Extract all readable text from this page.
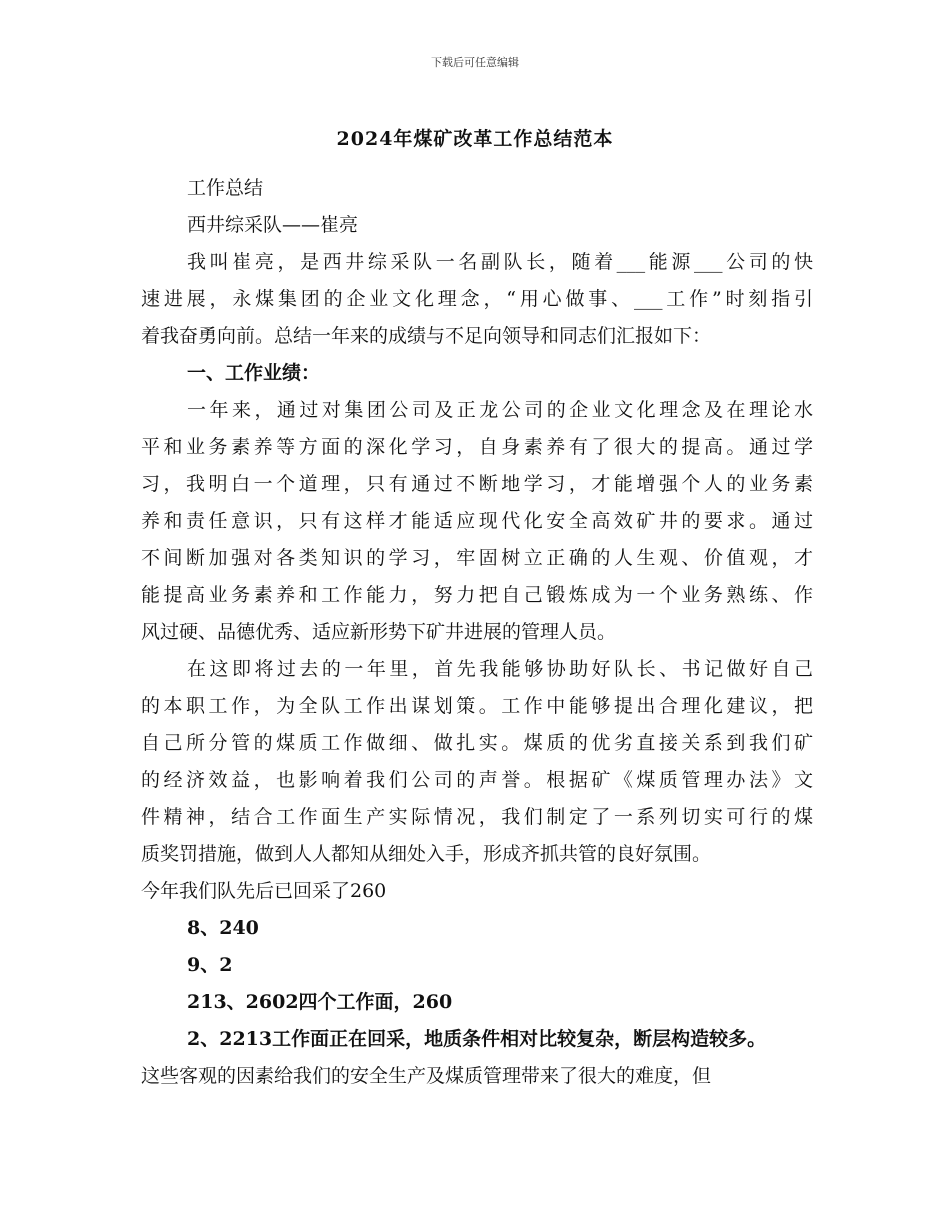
下载后可任意编辑
2024年煤矿改革工作总结范本
工作总结
西井综采队——崔亮
我叫崔亮，是西井综采队一名副队长，随着___能源___公司的快
速进展，永煤集团的企业文化理念，“用心做事、___工作”时刻指引
着我奋勇向前。总结一年来的成绩与不足向领导和同志们汇报如下：
一、工作业绩：
一年来，通过对集团公司及正龙公司的企业文化理念及在理论水
平和业务素养等方面的深化学习，自身素养有了很大的提高。通过学
习，我明白一个道理，只有通过不断地学习，才能增强个人的业务素
养和责任意识，只有这样才能适应现代化安全高效矿井的要求。通过
不间断加强对各类知识的学习，牢固树立正确的人生观、价值观，才
能提高业务素养和工作能力，努力把自己锻炼成为一个业务熟练、作
风过硬、品德优秀、适应新形势下矿井进展的管理人员。
在这即将过去的一年里，首先我能够协助好队长、书记做好自己
的本职工作，为全队工作出谋划策。工作中能够提出合理化建议，把
自己所分管的煤质工作做细、做扎实。煤质的优劣直接关系到我们矿
的经济效益，也影响着我们公司的声誉。根据矿《煤质管理办法》文
件精神，结合工作面生产实际情况，我们制定了一系列切实可行的煤
质奖罚措施，做到人人都知从细处入手，形成齐抓共管的良好氛围。
今年我们队先后已回采了260
8、240
9、2
213、2602四个工作面，260
2、2213工作面正在回采，地质条件相对比较复杂，断层构造较多。
这些客观的因素给我们的安全生产及煤质管理带来了很大的难度，但
